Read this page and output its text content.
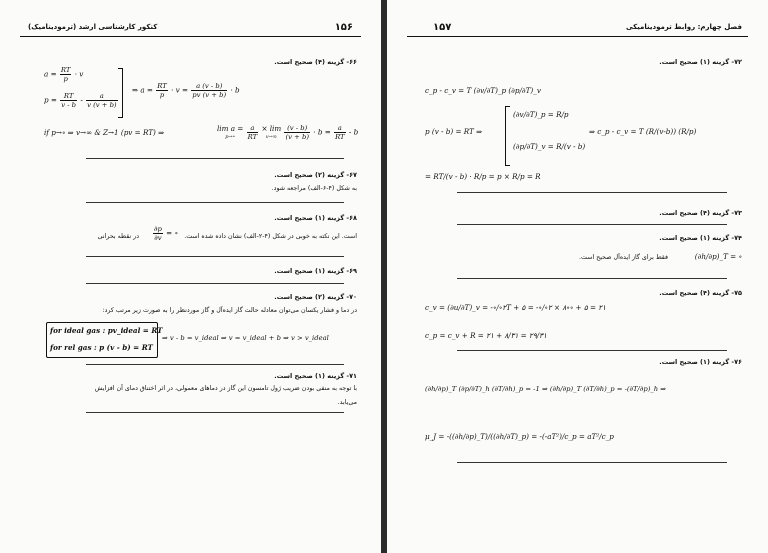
۱۵۶
کنکور کارشناسی ارشد (ترمودینامیک)
۶۶- گزینه (۴) صحیح است.
$a = \frac{RT}{p} \cdot v$
$p = \frac{RT}{v - b} - \frac{a}{v (v + b)}$
⇒ $a = \frac{RT}{p} \cdot v = \frac{a (v - b)}{pv (v + b)} \cdot b$
if p→∘ ⇒ v→∞ & Z→1 (pv = RT) ⇒	lim a =
p→∘ $\frac{a}{RT} \times \lim$
$v\to\infty \frac{(v - b)}{(v + b)} \cdot b = \frac{a}{RT} - b$
۶۷- گزینه (۲) صحیح است.
به شکل (۴-۶-الف) مراجعه شود.
۶۸- گزینه (۱) صحیح است.
است. این نکته به خوبی در شکل (۴-۲-الف) نشان داده شده است.
$\frac{\partial p}{\partial v}$ = ∘
در نقطه بحرانی
۶۹- گزینه (۱) صحیح است.
۷۰- گزینه (۲) صحیح است.
در دما و فشار یکسان می‌توان معادله حالت گاز ایده‌آل و گاز موردنظر را به صورت زیر مرتب کرد:
for ideal gas : pv_ideal = RT
for rel gas : p (v - b) = RT
⇒ v - b = v_ideal ⇒ v = v_ideal + b ⇒ v > v_ideal
۷۱- گزینه (۱) صحیح است.
با توجه به منفی بودن ضریب ژول تامسون این گاز در دماهای معمولی، در اثر اختناق دمای آن افزایش
می‌یابد.
۱۵۷	فصل چهارم: روابط ترمودینامیکی
۷۲- گزینه (۱) صحیح است.
c_p - c_v = T (∂v/∂T)_p (∂p/∂T)_v
p (v - b) = RT ⇒
(∂v/∂T)_p = R/p
(∂p/∂T)_v = R/(v - b)
⇒ c_p - c_v = T (R/(v-b)) (R/p)
= RT/(v - b) · R/p = p × R/p = R
۷۳- گزینه (۴) صحیح است.
۷۴- گزینه (۱) صحیح است.
(∂h/∂p)_T = ∘
فقط برای گاز ایده‌آل صحیح است.
۷۵- گزینه (۴) صحیح است.
c_v = (∂u/∂T)_v = -∘/∘۲T + ۵ = -∘/∘۲ × ۸∘∘ + ۵ = ۲۱
c_p = c_v + R = ۲۱ + ۸/۳۱ = ۲۹/۳۱
۷۶- گزینه (۱) صحیح است.
(∂h/∂p)_T (∂p/∂T)_h (∂T/∂h)_p = -1 ⇒ (∂h/∂p)_T (∂T/∂h)_p = -(∂T/∂p)_h ⇒
μ_J = -((∂h/∂p)_T)/((∂h/∂T)_p) = -(-aT²)/c_p = aT²/c_p
